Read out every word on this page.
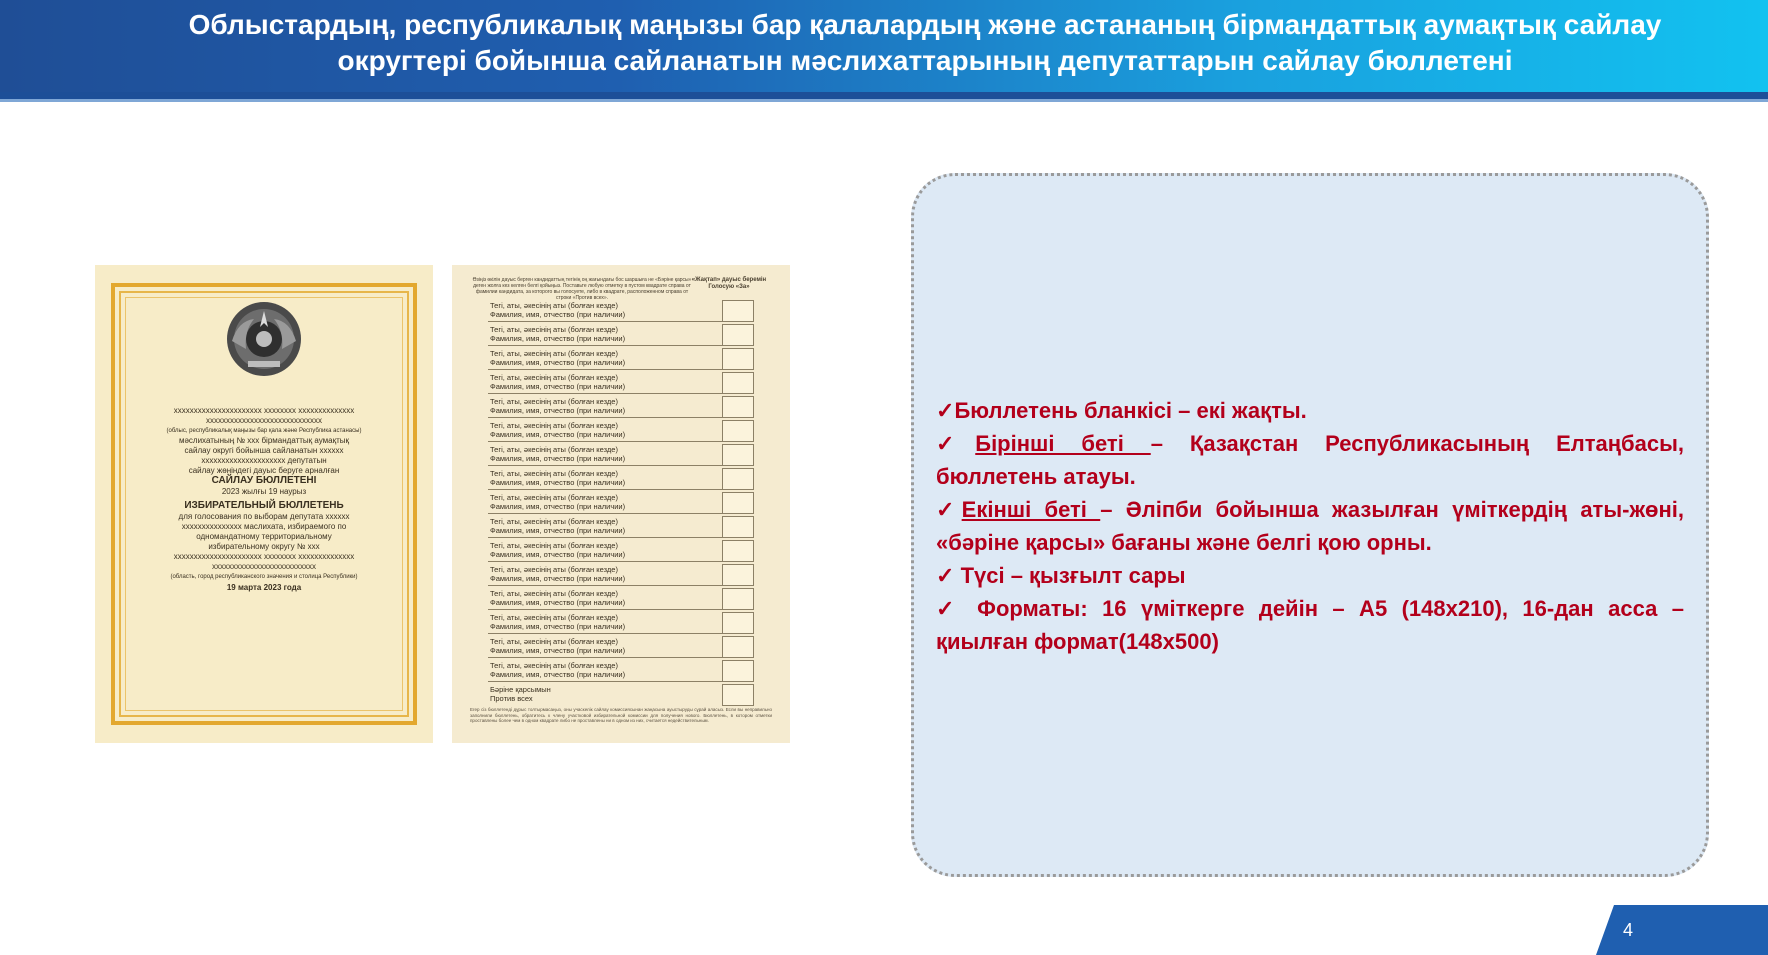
Облыстардың, республикалық маңызы бар қалалардың және астананың бірмандаттық аумақтық сайлау
округтері бойынша сайланатын мәслихаттарының депутаттарын сайлау бюллетені
xxxxxxxxxxxxxxxxxxxxxx xxxxxxxx xxxxxxxxxxxxxx
xxxxxxxxxxxxxxxxxxxxxxxxxxxxx
(облыс, республикалық маңызы бар қала және Республика астанасы)
мәслихатының № xxx бірмандаттық аумақтық
сайлау округі бойынша сайланатын xxxxxx
xxxxxxxxxxxxxxxxxxxxx депутатын
сайлау жөніндегі дауыс беруге арналған
САЙЛАУ БЮЛЛЕТЕНІ
2023 жылғы 19 наурыз
ИЗБИРАТЕЛЬНЫЙ БЮЛЛЕТЕНЬ
для голосования по выборам депутата xxxxxx
xxxxxxxxxxxxxxx маслихата, избираемого по
одномандатному территориальному
избирательному округу № xxx
xxxxxxxxxxxxxxxxxxxxxx xxxxxxxx xxxxxxxxxxxxxx
xxxxxxxxxxxxxxxxxxxxxxxxxx
(область, город республиканского значения и столица Республики)
19 марта 2023 года
Өзіңіз өкілін дауыс берген кандидаттың тегінің оң жағындағы бос шаршыға не «Бәріне қарсы» деген жолға кез келген белгі қойыңыз. Поставьте любую отметку в пустом квадрате справа от фамилии кандидата, за которого вы голосуете, либо в квадрате, расположенном справа от строки «Против всех».
«Жақтап» дауыс беремін Голосую «За»
Егер сіз бюллетенді дұрыс толтырмасаңыз, оны учаскелік сайлау комиссиясынан жаңасына ауыстыруды сұрай аласыз. Если вы неправильно заполнили бюллетень, обратитесь к члену участковой избирательной комиссии для получения нового. Бюллетень, в котором отметки проставлены более чем в одном квадрате либо не проставлены ни в одном из них, считается недействительным.
Тегі, аты, әкесінің аты (болған кезде)
Фамилия, имя, отчество (при наличии)
Тегі, аты, әкесінің аты (болған кезде)
Фамилия, имя, отчество (при наличии)
Тегі, аты, әкесінің аты (болған кезде)
Фамилия, имя, отчество (при наличии)
Тегі, аты, әкесінің аты (болған кезде)
Фамилия, имя, отчество (при наличии)
Тегі, аты, әкесінің аты (болған кезде)
Фамилия, имя, отчество (при наличии)
Тегі, аты, әкесінің аты (болған кезде)
Фамилия, имя, отчество (при наличии)
Тегі, аты, әкесінің аты (болған кезде)
Фамилия, имя, отчество (при наличии)
Тегі, аты, әкесінің аты (болған кезде)
Фамилия, имя, отчество (при наличии)
Тегі, аты, әкесінің аты (болған кезде)
Фамилия, имя, отчество (при наличии)
Тегі, аты, әкесінің аты (болған кезде)
Фамилия, имя, отчество (при наличии)
Тегі, аты, әкесінің аты (болған кезде)
Фамилия, имя, отчество (при наличии)
Тегі, аты, әкесінің аты (болған кезде)
Фамилия, имя, отчество (при наличии)
Тегі, аты, әкесінің аты (болған кезде)
Фамилия, имя, отчество (при наличии)
Тегі, аты, әкесінің аты (болған кезде)
Фамилия, имя, отчество (при наличии)
Тегі, аты, әкесінің аты (болған кезде)
Фамилия, имя, отчество (при наличии)
Тегі, аты, әкесінің аты (болған кезде)
Фамилия, имя, отчество (при наличии)
Бәріне қарсымын
Против всех

✓Бюллетень бланкісі – екі жақты.

✓Бірінші беті – Қазақстан Республикасының Елтаңбасы, бюллетень атауы.

✓Екінші беті – Әліпби бойынша жазылған үміткердің аты-жөні, «бәріне қарсы» бағаны және белгі қою орны.

✓ Түсі – қызғылт сары

✓ Форматы: 16 үміткерге дейін – А5 (148х210), 16-дан асса – қиылған формат(148х500)

4
